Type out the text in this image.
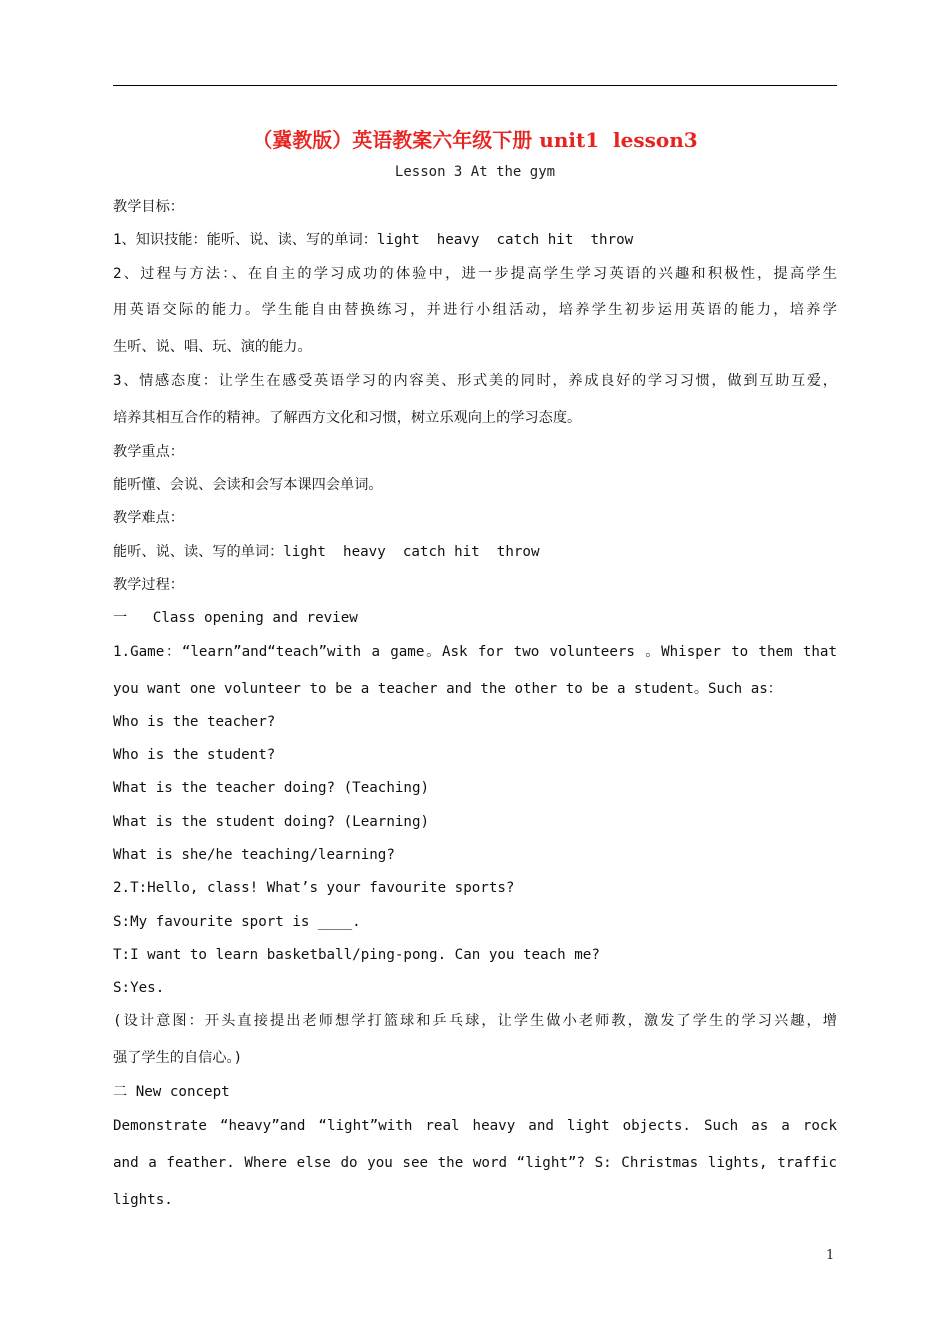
（冀教版）英语教案六年级下册 unit1  lesson3
Lesson 3 At the gym
教学目标：
1、知识技能：能听、说、读、写的单词：light  heavy  catch hit  throw
2、过程与方法：、在自主的学习成功的体验中，进一步提高学生学习英语的兴趣和积极性，提高学生
用英语交际的能力。学生能自由替换练习，并进行小组活动，培养学生初步运用英语的能力，培养学
生听、说、唱、玩、演的能力。
3、情感态度：让学生在感受英语学习的内容美、形式美的同时，养成良好的学习习惯，做到互助互爱，
培养其相互合作的精神。了解西方文化和习惯，树立乐观向上的学习态度。
教学重点：
能听懂、会说、会读和会写本课四会单词。
教学难点：
能听、说、读、写的单词：light  heavy  catch hit  throw
教学过程：
一   Class opening and review
1.Game：“learn”and“teach”with a game。Ask for two volunteers 。Whisper to them that
you want one volunteer to be a teacher and the other to be a student。Such as：
Who is the teacher?
Who is the student?
What is the teacher doing? (Teaching)
What is the student doing? (Learning)
What is she/he teaching/learning?
2.T:Hello, class! What’s your favourite sports?
S:My favourite sport is ____.
T:I want to learn basketball/ping-pong. Can you teach me?
S:Yes.
(设计意图：开头直接提出老师想学打篮球和乒乓球，让学生做小老师教，激发了学生的学习兴趣，增
强了学生的自信心。)
二 New concept
Demonstrate “heavy”and “light”with real heavy and light objects. Such as a rock
and a feather. Where else do you see the word “light”? S: Christmas lights, traffic
lights.
1
